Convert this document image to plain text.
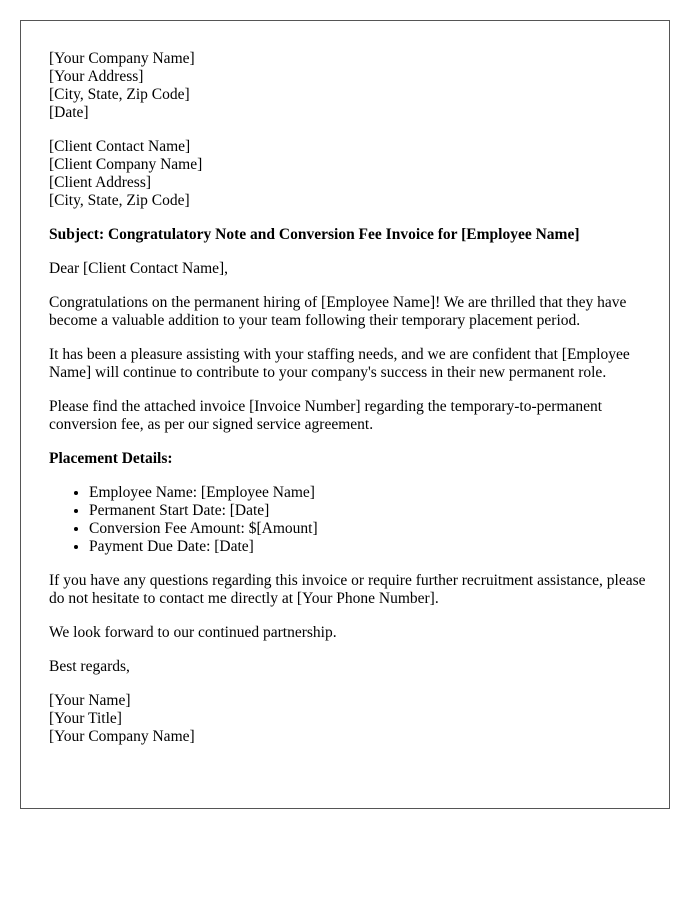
[Your Company Name]
[Your Address]
[City, State, Zip Code]
[Date]
[Client Contact Name]
[Client Company Name]
[Client Address]
[City, State, Zip Code]

Subject: Congratulatory Note and Conversion Fee Invoice for [Employee Name]

Dear [Client Contact Name],

Congratulations on the permanent hiring of [Employee Name]! We are thrilled that they have become a valuable addition to your team following their temporary placement period.

It has been a pleasure assisting with your staffing needs, and we are confident that [Employee Name] will continue to contribute to your company's success in their new permanent role.

Please find the attached invoice [Invoice Number] regarding the temporary-to-permanent conversion fee, as per our signed service agreement.

Placement Details:
• Employee Name: [Employee Name]
• Permanent Start Date: [Date]
• Conversion Fee Amount: $[Amount]
• Payment Due Date: [Date]

If you have any questions regarding this invoice or require further recruitment assistance, please do not hesitate to contact me directly at [Your Phone Number].

We look forward to our continued partnership.

Best regards,

[Your Name]
[Your Title]
[Your Company Name]
